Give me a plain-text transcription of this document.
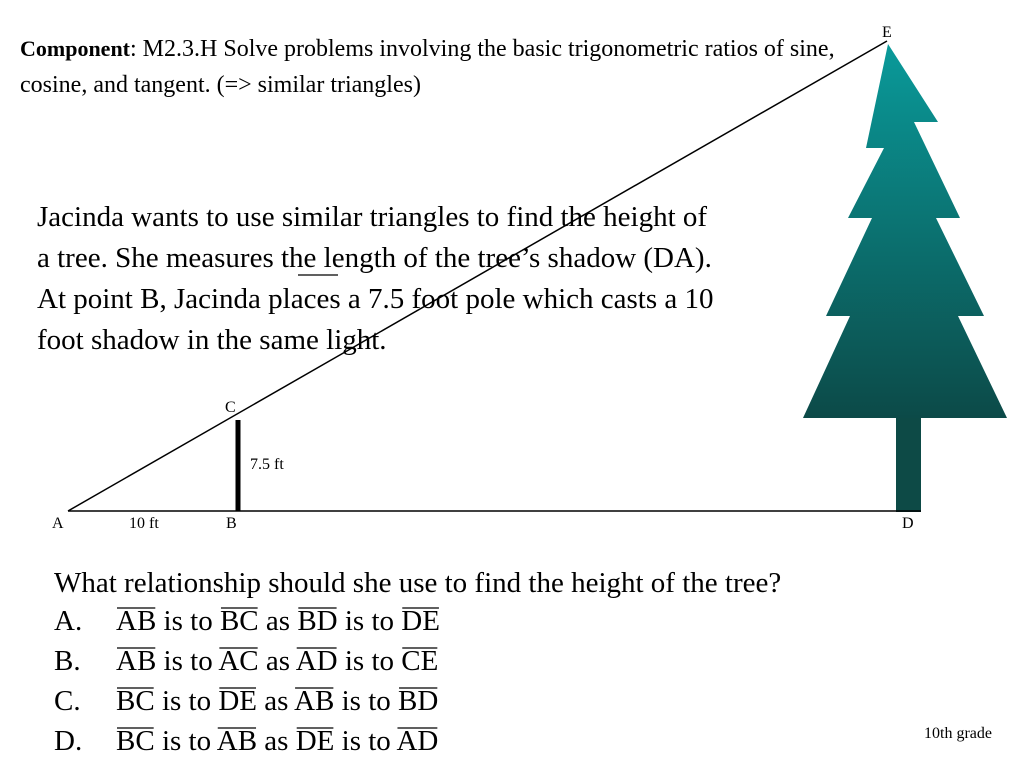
E
C
A	B	D
7.5 ft
10 ft
Component: M2.3.H Solve problems involving the basic trigonometric ratios of sine, cosine, and tangent. (=> similar triangles)
Jacinda wants to use similar triangles to find the height of a tree. She measures the length of the tree’s shadow (DA). At point B, Jacinda places a 7.5 foot pole which casts a 10 foot shadow in the same light.
What relationship should she use to find the height of the tree?
A. AB is to BC as BD is to DE
B. AB is to AC as AD is to CE
C. BC is to DE as AB is to BD
D. BC is to AB as DE is to AD	10th grade
